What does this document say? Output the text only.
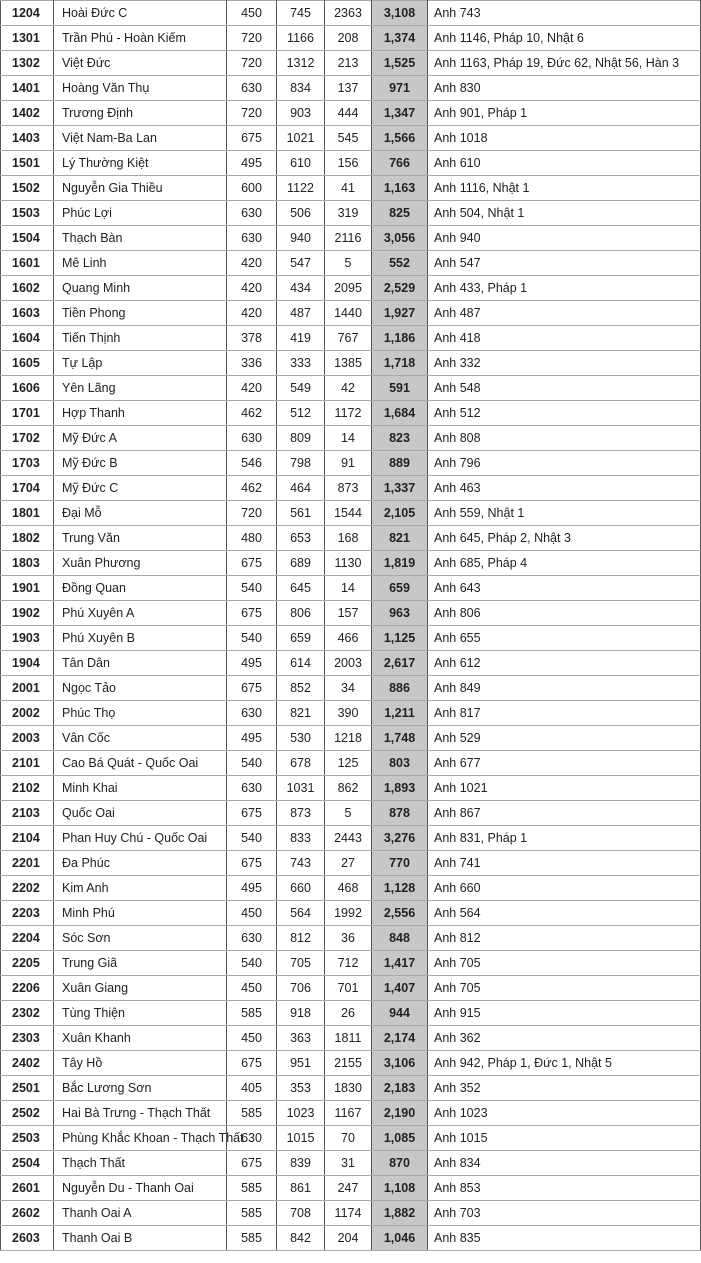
1204	Hoài Đức C	450	745	2363	3,108	Anh 743
1301	Trần Phú - Hoàn Kiếm	720	1166	208	1,374	Anh 1146, Pháp 10, Nhật 6
1302	Việt Đức	720	1312	213	1,525	Anh 1163, Pháp 19, Đức 62, Nhật 56, Hàn 3
1401	Hoàng Văn Thụ	630	834	137	971	Anh 830
1402	Trương Định	720	903	444	1,347	Anh 901, Pháp 1
1403	Việt Nam-Ba Lan	675	1021	545	1,566	Anh 1018
1501	Lý Thường Kiệt	495	610	156	766	Anh 610
1502	Nguyễn Gia Thiều	600	1122	41	1,163	Anh 1116, Nhật 1
1503	Phúc Lợi	630	506	319	825	Anh 504, Nhật 1
1504	Thạch Bàn	630	940	2116	3,056	Anh 940
1601	Mê Linh	420	547	5	552	Anh 547
1602	Quang Minh	420	434	2095	2,529	Anh 433, Pháp 1
1603	Tiền Phong	420	487	1440	1,927	Anh 487
1604	Tiến Thịnh	378	419	767	1,186	Anh 418
1605	Tự Lập	336	333	1385	1,718	Anh 332
1606	Yên Lãng	420	549	42	591	Anh 548
1701	Hợp Thanh	462	512	1172	1,684	Anh 512
1702	Mỹ Đức A	630	809	14	823	Anh 808
1703	Mỹ Đức B	546	798	91	889	Anh 796
1704	Mỹ Đức C	462	464	873	1,337	Anh 463
1801	Đại Mỗ	720	561	1544	2,105	Anh 559, Nhật 1
1802	Trung Văn	480	653	168	821	Anh 645, Pháp 2, Nhật 3
1803	Xuân Phương	675	689	1130	1,819	Anh 685, Pháp 4
1901	Đồng Quan	540	645	14	659	Anh 643
1902	Phú Xuyên A	675	806	157	963	Anh 806
1903	Phú Xuyên B	540	659	466	1,125	Anh 655
1904	Tân Dân	495	614	2003	2,617	Anh 612
2001	Ngọc Tảo	675	852	34	886	Anh 849
2002	Phúc Thọ	630	821	390	1,211	Anh 817
2003	Vân Cốc	495	530	1218	1,748	Anh 529
2101	Cao Bá Quát - Quốc Oai	540	678	125	803	Anh 677
2102	Minh Khai	630	1031	862	1,893	Anh 1021
2103	Quốc Oai	675	873	5	878	Anh 867
2104	Phan Huy Chú - Quốc Oai	540	833	2443	3,276	Anh 831, Pháp 1
2201	Đa Phúc	675	743	27	770	Anh 741
2202	Kim Anh	495	660	468	1,128	Anh 660
2203	Minh Phú	450	564	1992	2,556	Anh 564
2204	Sóc Sơn	630	812	36	848	Anh 812
2205	Trung Giã	540	705	712	1,417	Anh 705
2206	Xuân Giang	450	706	701	1,407	Anh 705
2302	Tùng Thiện	585	918	26	944	Anh 915
2303	Xuân Khanh	450	363	1811	2,174	Anh 362
2402	Tây Hồ	675	951	2155	3,106	Anh 942, Pháp 1, Đức 1, Nhật 5
2501	Bắc Lương Sơn	405	353	1830	2,183	Anh 352
2502	Hai Bà Trưng - Thạch Thất	585	1023	1167	2,190	Anh 1023
2503	Phùng Khắc Khoan - Thạch Thất	630	1015	70	1,085	Anh 1015
2504	Thạch Thất	675	839	31	870	Anh 834
2601	Nguyễn Du - Thanh Oai	585	861	247	1,108	Anh 853
2602	Thanh Oai A	585	708	1174	1,882	Anh 703
2603	Thanh Oai B	585	842	204	1,046	Anh 835
